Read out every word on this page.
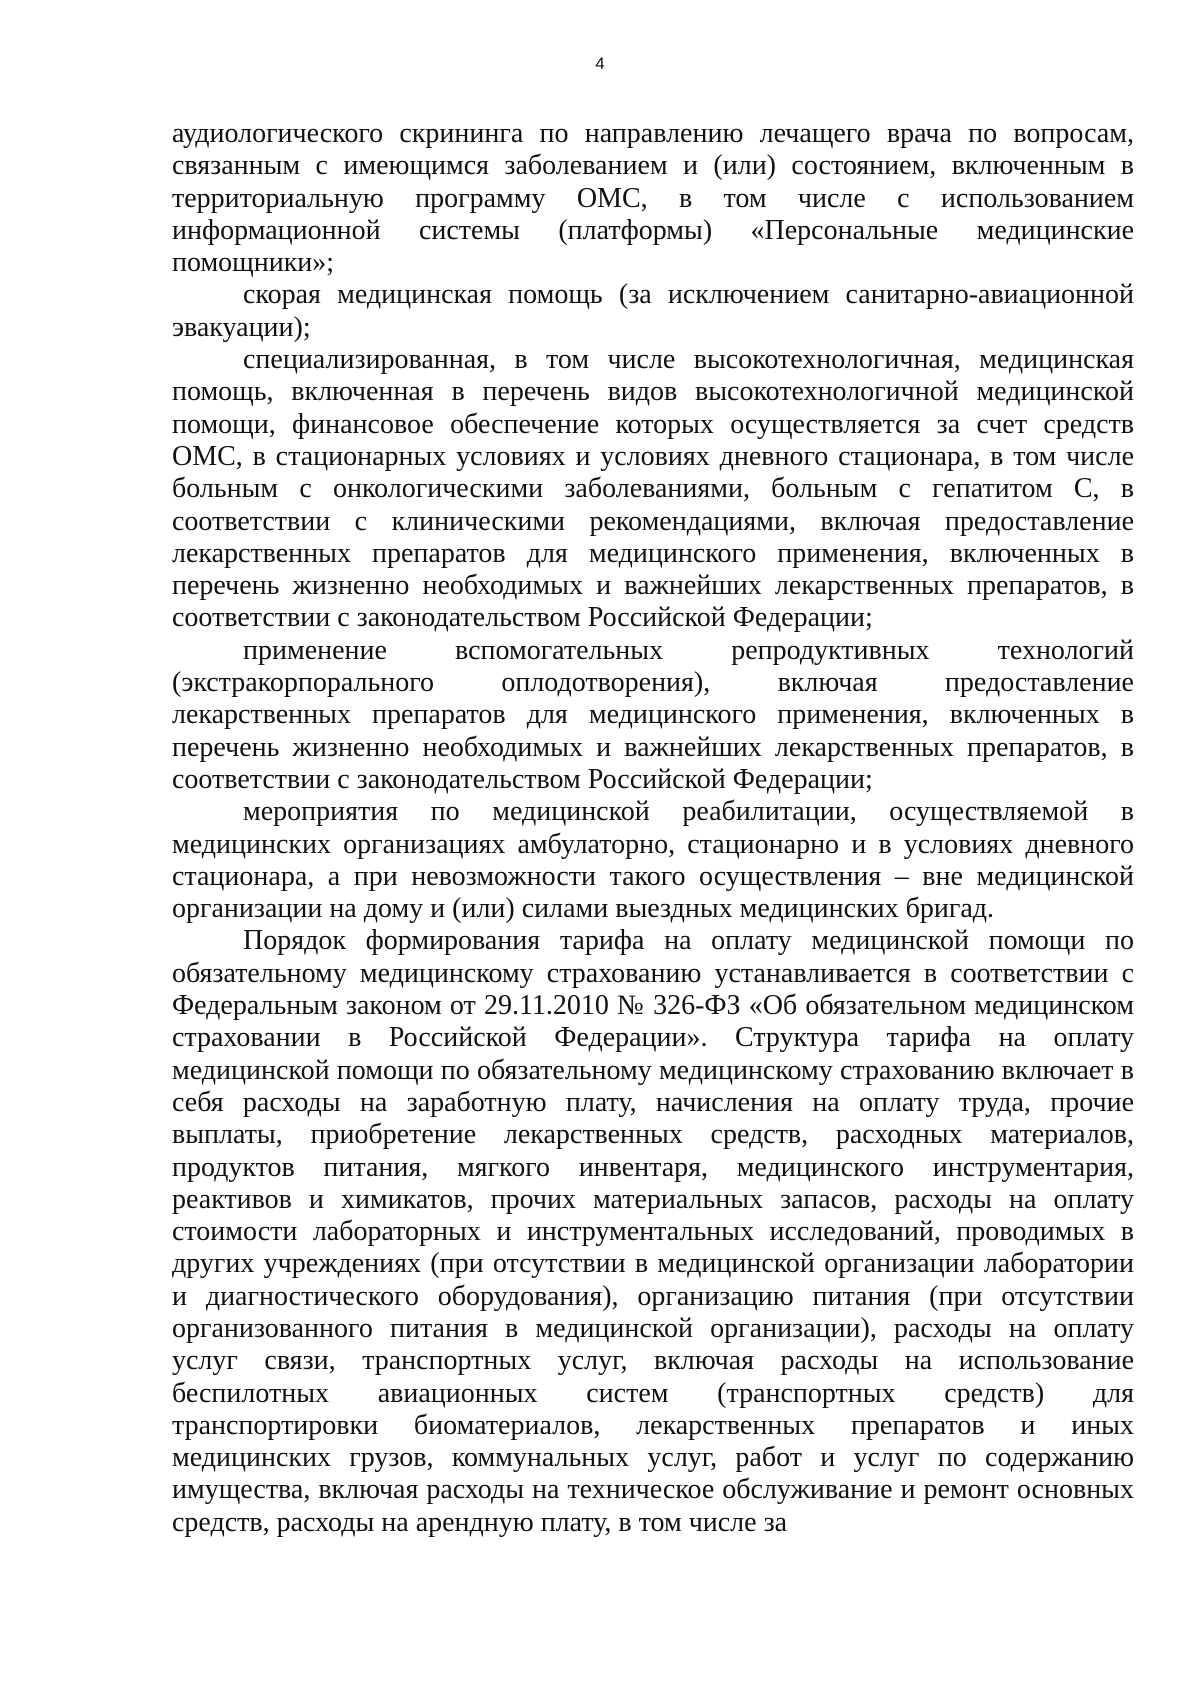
4

аудиологического скрининга по направлению лечащего врача по вопросам, связанным с имеющимся заболеванием и (или) состоянием, включенным в территориальную программу ОМС, в том числе с использованием информационной системы (платформы) «Персональные медицинские помощники»;

скорая медицинская помощь (за исключением санитарно-авиационной эвакуации);

специализированная, в том числе высокотехнологичная, медицинская помощь, включенная в перечень видов высокотехнологичной медицинской помощи, финансовое обеспечение которых осуществляется за счет средств ОМС, в стационарных условиях и условиях дневного стационара, в том числе больным с онкологическими заболеваниями, больным с гепатитом С, в соответствии с клиническими рекомендациями, включая предоставление лекарственных препаратов для медицинского применения, включенных в перечень жизненно необходимых и важнейших лекарственных препаратов, в соответствии с законодательством Российской Федерации;

применение вспомогательных репродуктивных технологий (экстракорпорального оплодотворения), включая предоставление лекарственных препаратов для медицинского применения, включенных в перечень жизненно необходимых и важнейших лекарственных препаратов, в соответствии с законодательством Российской Федерации;

мероприятия по медицинской реабилитации, осуществляемой в медицинских организациях амбулаторно, стационарно и в условиях дневного стационара, а при невозможности такого осуществления – вне медицинской организации на дому и (или) силами выездных медицинских бригад.

Порядок формирования тарифа на оплату медицинской помощи по обязательному медицинскому страхованию устанавливается в соответствии с Федеральным законом от 29.11.2010 № 326-ФЗ «Об обязательном медицинском страховании в Российской Федерации». Структура тарифа на оплату медицинской помощи по обязательному медицинскому страхованию включает в себя расходы на заработную плату, начисления на оплату труда, прочие выплаты, приобретение лекарственных средств, расходных материалов, продуктов питания, мягкого инвентаря, медицинского инструментария, реактивов и химикатов, прочих материальных запасов, расходы на оплату стоимости лабораторных и инструментальных исследований, проводимых в других учреждениях (при отсутствии в медицинской организации лаборатории и диагностического оборудования), организацию питания (при отсутствии организованного питания в медицинской организации), расходы на оплату услуг связи, транспортных услуг, включая расходы на использование беспилотных авиационных систем (транспортных средств) для транспортировки биоматериалов, лекарственных препаратов и иных медицинских грузов, коммунальных услуг, работ и услуг по содержанию имущества, включая расходы на техническое обслуживание и ремонт основных средств, расходы на арендную плату, в том числе за
